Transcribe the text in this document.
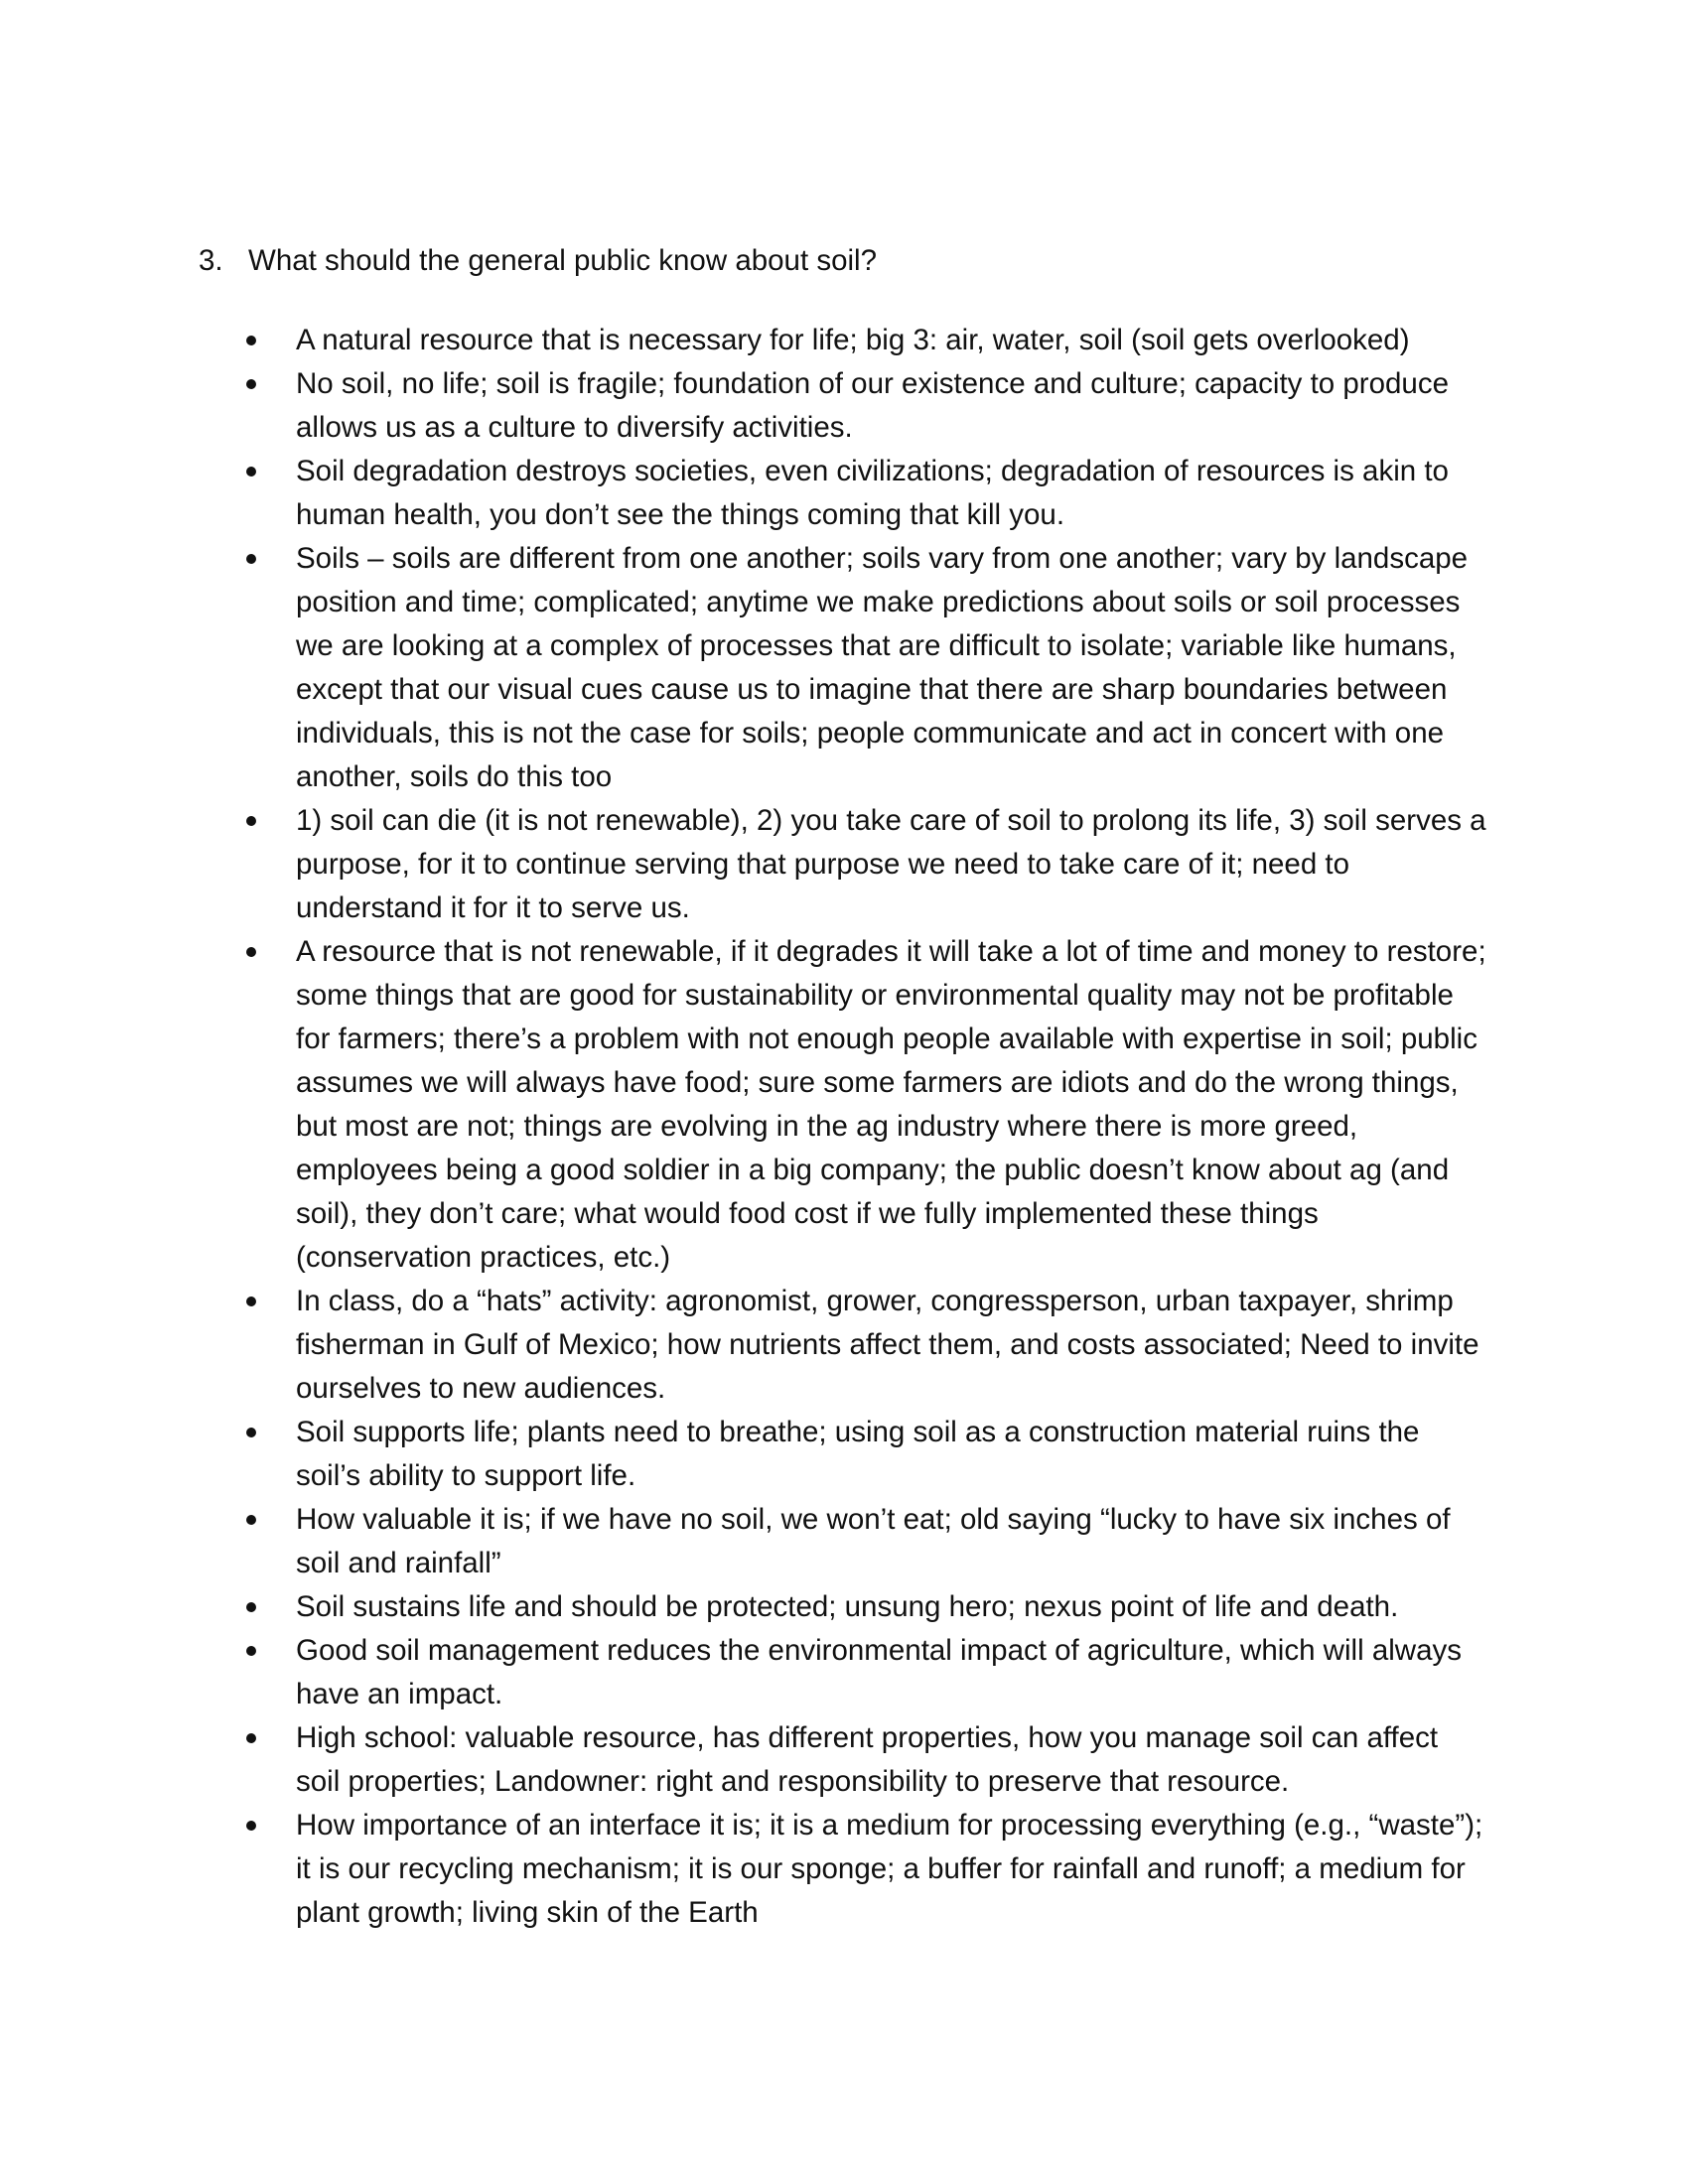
3. What should the general public know about soil?
A natural resource that is necessary for life; big 3: air, water, soil (soil gets overlooked)
No soil, no life; soil is fragile; foundation of our existence and culture; capacity to produce allows us as a culture to diversify activities.
Soil degradation destroys societies, even civilizations; degradation of resources is akin to human health, you don’t see the things coming that kill you.
Soils – soils are different from one another; soils vary from one another; vary by landscape position and time; complicated; anytime we make predictions about soils or soil processes we are looking at a complex of processes that are difficult to isolate; variable like humans, except that our visual cues cause us to imagine that there are sharp boundaries between individuals, this is not the case for soils; people communicate and act in concert with one another, soils do this too
1) soil can die (it is not renewable), 2) you take care of soil to prolong its life, 3) soil serves a purpose, for it to continue serving that purpose we need to take care of it; need to understand it for it to serve us.
A resource that is not renewable, if it degrades it will take a lot of time and money to restore; some things that are good for sustainability or environmental quality may not be profitable for farmers; there’s a problem with not enough people available with expertise in soil; public assumes we will always have food; sure some farmers are idiots and do the wrong things, but most are not; things are evolving in the ag industry where there is more greed, employees being a good soldier in a big company; the public doesn’t know about ag (and soil), they don’t care; what would food cost if we fully implemented these things (conservation practices, etc.)
In class, do a “hats” activity: agronomist, grower, congressperson, urban taxpayer, shrimp fisherman in Gulf of Mexico; how nutrients affect them, and costs associated; Need to invite ourselves to new audiences.
Soil supports life; plants need to breathe; using soil as a construction material ruins the soil’s ability to support life.
How valuable it is; if we have no soil, we won’t eat; old saying “lucky to have six inches of soil and rainfall”
Soil sustains life and should be protected; unsung hero; nexus point of life and death.
Good soil management reduces the environmental impact of agriculture, which will always have an impact.
High school: valuable resource, has different properties, how you manage soil can affect soil properties; Landowner: right and responsibility to preserve that resource.
How importance of an interface it is; it is a medium for processing everything (e.g., “waste”); it is our recycling mechanism; it is our sponge; a buffer for rainfall and runoff; a medium for plant growth; living skin of the Earth
